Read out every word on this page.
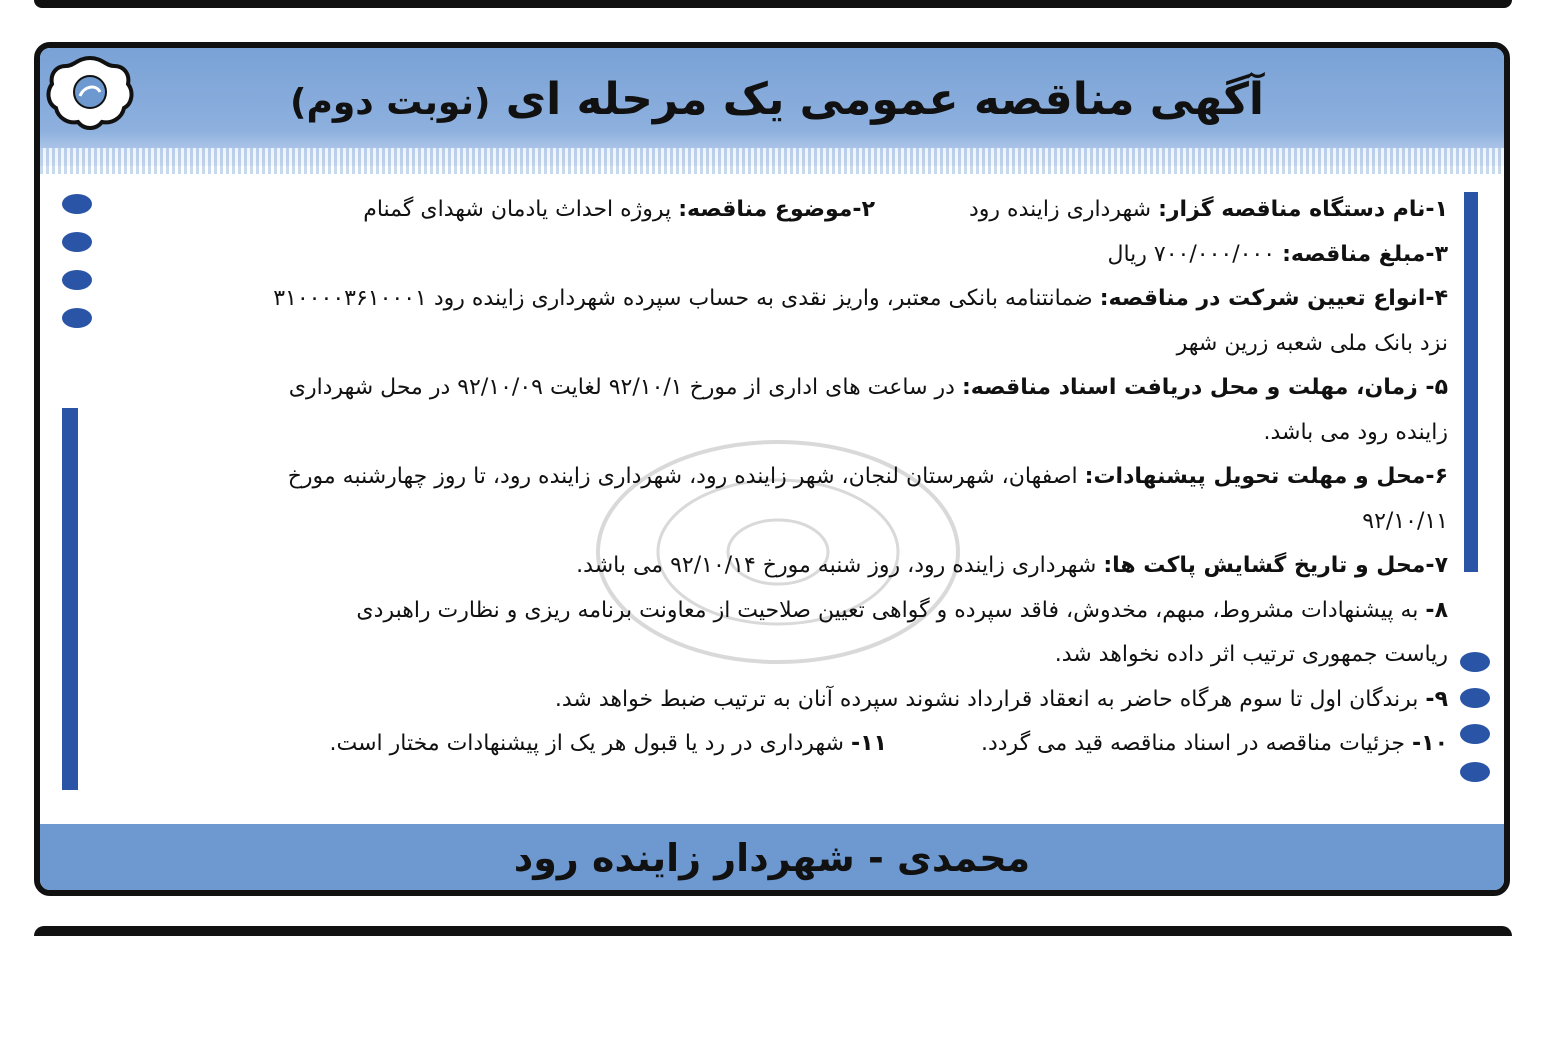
آگهی مناقصه عمومی یک مرحله ای (نوبت دوم)
۱-نام دستگاه مناقصه گزار: شهرداری زاینده رود  ۲-موضوع مناقصه: پروژه احداث یادمان شهدای گمنام
۳-مبلغ مناقصه: ۷۰۰/۰۰۰/۰۰۰ ریال
۴-انواع تعیین شرکت در مناقصه: ضمانتنامه بانکی معتبر، واریز نقدی به حساب سپرده شهرداری زاینده رود ۳۱۰۰۰۰۳۶۱۰۰۰۱
نزد بانک ملی شعبه زرین شهر
۵- زمان، مهلت و محل دریافت اسناد مناقصه: در ساعت های اداری از مورخ ۹۲/۱۰/۱ لغایت ۹۲/۱۰/۰۹ در محل شهرداری
زاینده رود می باشد.
۶-محل و مهلت تحویل پیشنهادات: اصفهان، شهرستان لنجان، شهر زاینده رود، شهرداری زاینده رود، تا روز چهارشنبه مورخ
۹۲/۱۰/۱۱
۷-محل و تاریخ گشایش پاکت ها: شهرداری زاینده رود، روز شنبه مورخ ۹۲/۱۰/۱۴ می باشد.
۸- به پیشنهادات مشروط، مبهم، مخدوش، فاقد سپرده و گواهی تعیین صلاحیت از معاونت برنامه ریزی و نظارت راهبردی
ریاست جمهوری ترتیب اثر داده نخواهد شد.
۹- برندگان اول تا سوم هرگاه حاضر به انعقاد قرارداد نشوند سپرده آنان به ترتیب ضبط خواهد شد.
۱۰- جزئیات مناقصه در اسناد مناقصه قید می گردد.  ۱۱- شهرداری در رد یا قبول هر یک از پیشنهادات مختار است.
محمدی - شهردار زاینده رود
